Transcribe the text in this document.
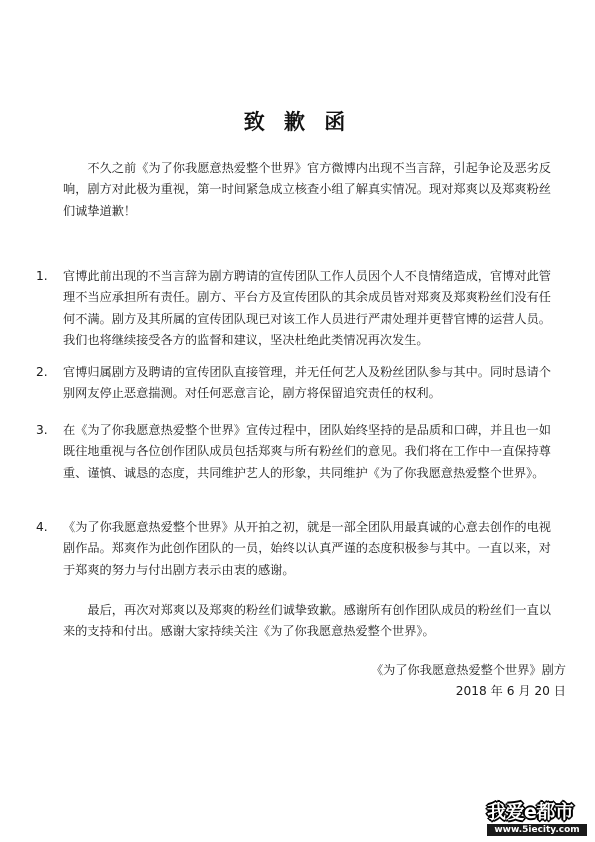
致 歉 函

不久之前《为了你我愿意热爱整个世界》官方微博内出现不当言辞，引起争论及恶劣反响，剧方对此极为重视，第一时间紧急成立核查小组了解真实情况。现对郑爽以及郑爽粉丝们诚挚道歉！

1.	官博此前出现的不当言辞为剧方聘请的宣传团队工作人员因个人不良情绪造成，官博对此管理不当应承担所有责任。剧方、平台方及宣传团队的其余成员皆对郑爽及郑爽粉丝们没有任何不满。剧方及其所属的宣传团队现已对该工作人员进行严肃处理并更替官博的运营人员。我们也将继续接受各方的监督和建议，坚决杜绝此类情况再次发生。
2.	官博归属剧方及聘请的宣传团队直接管理，并无任何艺人及粉丝团队参与其中。同时恳请个别网友停止恶意揣测。对任何恶意言论，剧方将保留追究责任的权利。
3.	在《为了你我愿意热爱整个世界》宣传过程中，团队始终坚持的是品质和口碑，并且也一如既往地重视与各位创作团队成员包括郑爽与所有粉丝们的意见。我们将在工作中一直保持尊重、谨慎、诚恳的态度，共同维护艺人的形象，共同维护《为了你我愿意热爱整个世界》。
4.	《为了你我愿意热爱整个世界》从开拍之初，就是一部全团队用最真诚的心意去创作的电视剧作品。郑爽作为此创作团队的一员，始终以认真严谨的态度积极参与其中。一直以来，对于郑爽的努力与付出剧方表示由衷的感谢。

最后，再次对郑爽以及郑爽的粉丝们诚挚致歉。感谢所有创作团队成员的粉丝们一直以来的支持和付出。感谢大家持续关注《为了你我愿意热爱整个世界》。

《为了你我愿意热爱整个世界》剧方
2018 年 6 月 20 日
我爱e都市
www.5iecity.com
